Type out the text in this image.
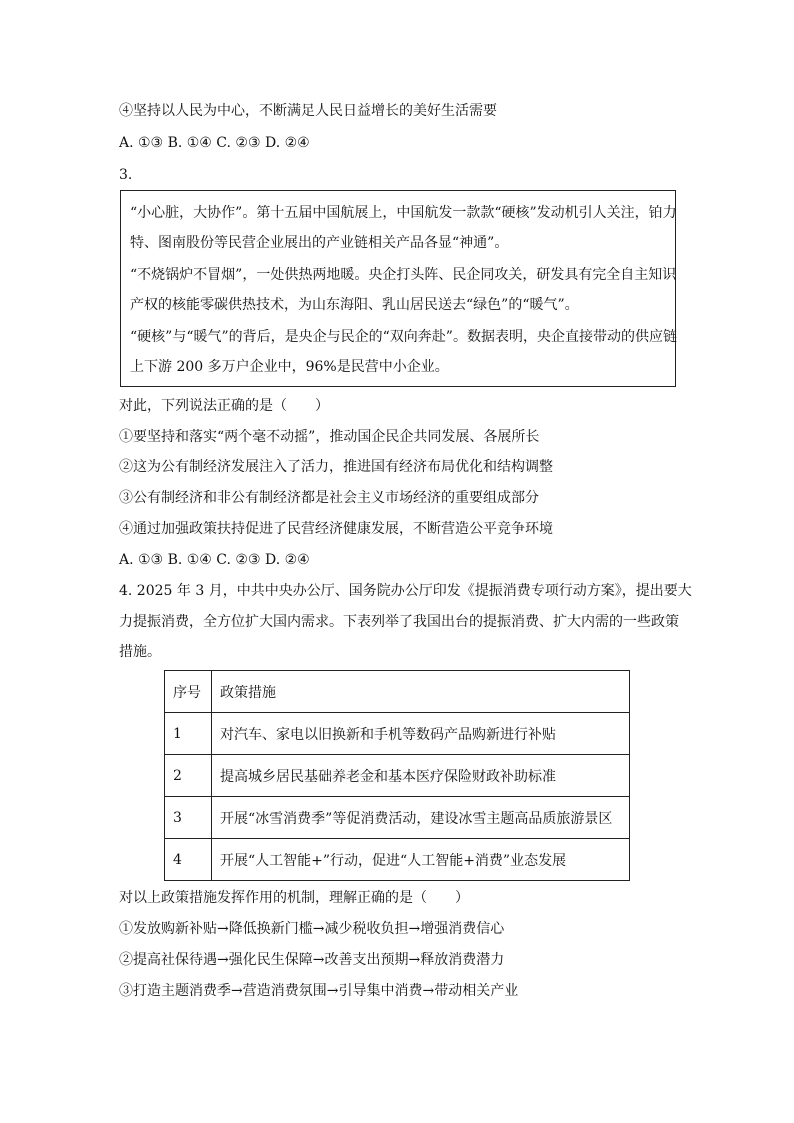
④坚持以人民为中心，不断满足人民日益增长的美好生活需要
A. ①③ B. ①④ C. ②③ D. ②④
3.
“小心脏，大协作”。第十五届中国航展上，中国航发一款款“硬核”发动机引人关注，铂力
特、图南股份等民营企业展出的产业链相关产品各显“神通”。
“不烧锅炉不冒烟”，一处供热两地暖。央企打头阵、民企同攻关，研发具有完全自主知识
产权的核能零碳供热技术，为山东海阳、乳山居民送去“绿色”的“暖气”。
“硬核”与“暖气”的背后，是央企与民企的“双向奔赴”。数据表明，央企直接带动的供应链
上下游 200 多万户企业中，96%是民营中小企业。
对此，下列说法正确的是（　　）
①要坚持和落实“两个毫不动摇”，推动国企民企共同发展、各展所长
②这为公有制经济发展注入了活力，推进国有经济布局优化和结构调整
③公有制经济和非公有制经济都是社会主义市场经济的重要组成部分
④通过加强政策扶持促进了民营经济健康发展，不断营造公平竞争环境
A. ①③ B. ①④ C. ②③ D. ②④
4. 2025 年 3 月，中共中央办公厅、国务院办公厅印发《提振消费专项行动方案》，提出要大
力提振消费，全方位扩大国内需求。下表列举了我国出台的提振消费、扩大内需的一些政策
措施。
序号	政策措施
1	对汽车、家电以旧换新和手机等数码产品购新进行补贴
2	提高城乡居民基础养老金和基本医疗保险财政补助标准
3	开展“冰雪消费季”等促消费活动，建设冰雪主题高品质旅游景区
4	开展“人工智能+”行动，促进“人工智能+消费”业态发展
对以上政策措施发挥作用的机制，理解正确的是（　　）
①发放购新补贴→降低换新门槛→减少税收负担→增强消费信心
②提高社保待遇→强化民生保障→改善支出预期→释放消费潜力
③打造主题消费季→营造消费氛围→引导集中消费→带动相关产业
